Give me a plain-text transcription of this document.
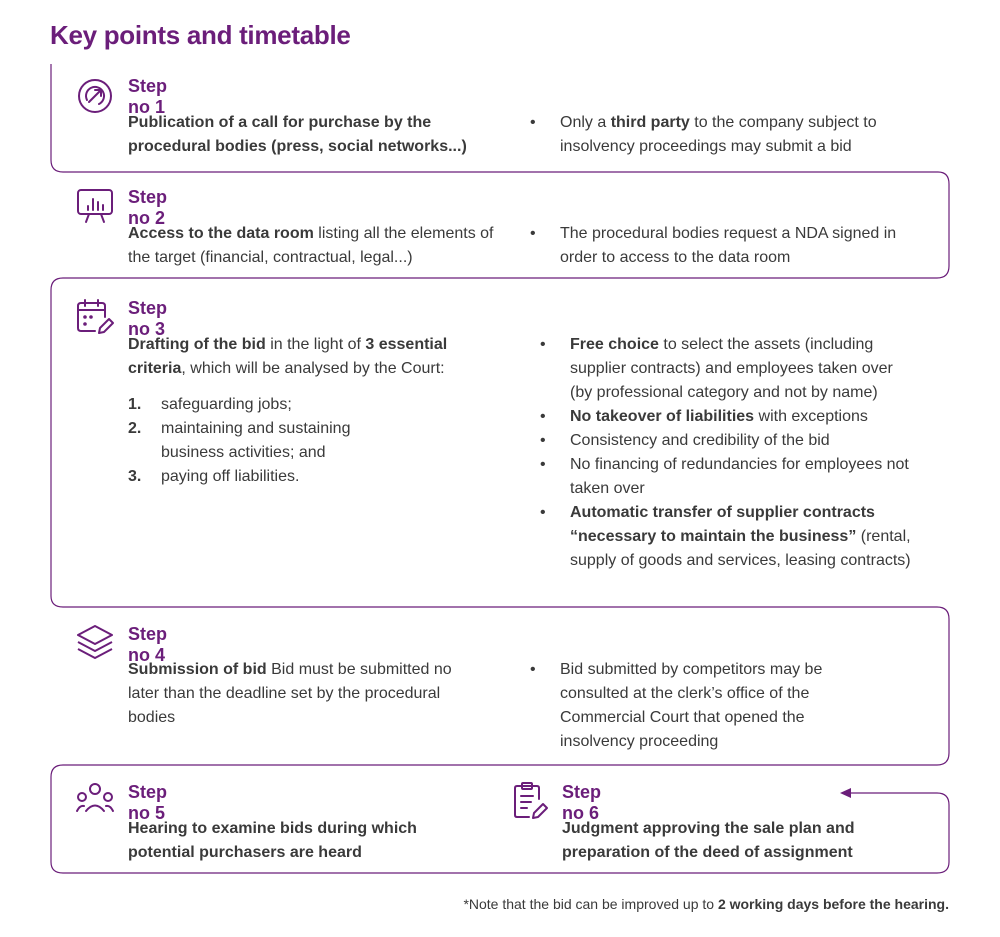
Key points and timetable
Step no 1
Publication of a call for purchase by the procedural bodies (press, social networks...)
• Only a third party to the company subject to insolvency proceedings may submit a bid
Step no 2
Access to the data room listing all the elements of the target (financial, contractual, legal...)
• The procedural bodies request a NDA signed in order to access to the data room
Step no 3
Drafting of the bid in the light of 3 essential criteria, which will be analysed by the Court:
1. safeguarding jobs;
2. maintaining and sustaining business activities; and
3. paying off liabilities.
• Free choice to select the assets (including supplier contracts) and employees taken over (by professional category and not by name)
• No takeover of liabilities with exceptions
• Consistency and credibility of the bid
• No financing of redundancies for employees not taken over
• Automatic transfer of supplier contracts “necessary to maintain the business” (rental, supply of goods and services, leasing contracts)
Step no 4
Submission of bid Bid must be submitted no later than the deadline set by the procedural bodies
• Bid submitted by competitors may be consulted at the clerk’s office of the Commercial Court that opened the insolvency proceeding
Step no 5
Hearing to examine bids during which potential purchasers are heard
Step no 6
Judgment approving the sale plan and preparation of the deed of assignment
*Note that the bid can be improved up to 2 working days before the hearing.
